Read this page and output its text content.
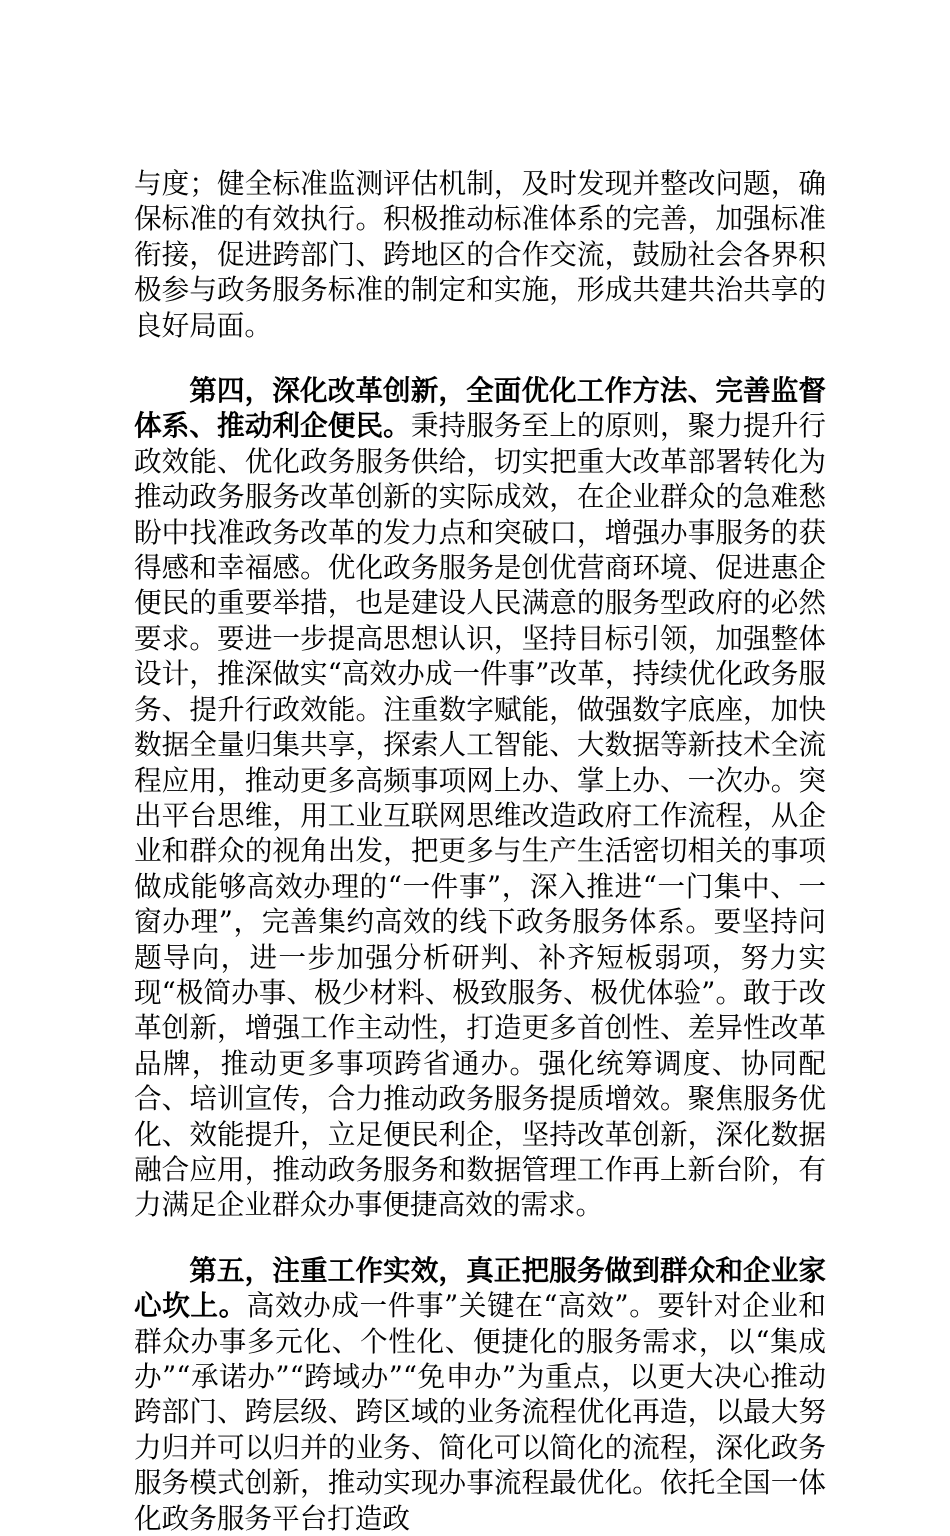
与度；健全标准监测评估机制，及时发现并整改问题，确保标准的有效执行。积极推动标准体系的完善，加强标准衔接，促进跨部门、跨地区的合作交流，鼓励社会各界积极参与政务服务标准的制定和实施，形成共建共治共享的良好局面。

第四，深化改革创新，全面优化工作方法、完善监督体系、推动利企便民。秉持服务至上的原则，聚力提升行政效能、优化政务服务供给，切实把重大改革部署转化为推动政务服务改革创新的实际成效，在企业群众的急难愁盼中找准政务改革的发力点和突破口，增强办事服务的获得感和幸福感。优化政务服务是创优营商环境、促进惠企便民的重要举措，也是建设人民满意的服务型政府的必然要求。要进一步提高思想认识，坚持目标引领，加强整体设计，推深做实“高效办成一件事”改革，持续优化政务服务、提升行政效能。注重数字赋能，做强数字底座，加快数据全量归集共享，探索人工智能、大数据等新技术全流程应用，推动更多高频事项网上办、掌上办、一次办。突出平台思维，用工业互联网思维改造政府工作流程，从企业和群众的视角出发，把更多与生产生活密切相关的事项做成能够高效办理的“一件事”，深入推进“一门集中、一窗办理”，完善集约高效的线下政务服务体系。要坚持问题导向，进一步加强分析研判、补齐短板弱项，努力实现“极简办事、极少材料、极致服务、极优体验”。敢于改革创新，增强工作主动性，打造更多首创性、差异性改革品牌，推动更多事项跨省通办。强化统筹调度、协同配合、培训宣传，合力推动政务服务提质增效。聚焦服务优化、效能提升，立足便民利企，坚持改革创新，深化数据融合应用，推动政务服务和数据管理工作再上新台阶，有力满足企业群众办事便捷高效的需求。

第五，注重工作实效，真正把服务做到群众和企业家心坎上。高效办成一件事”关键在“高效”。要针对企业和群众办事多元化、个性化、便捷化的服务需求，以“集成办”“承诺办”“跨域办”“免申办”为重点，以更大决心推动跨部门、跨层级、跨区域的业务流程优化再造，以最大努力归并可以归并的业务、简化可以简化的流程，深化政务服务模式创新，推动实现办事流程最优化。依托全国一体化政务服务平台打造政
